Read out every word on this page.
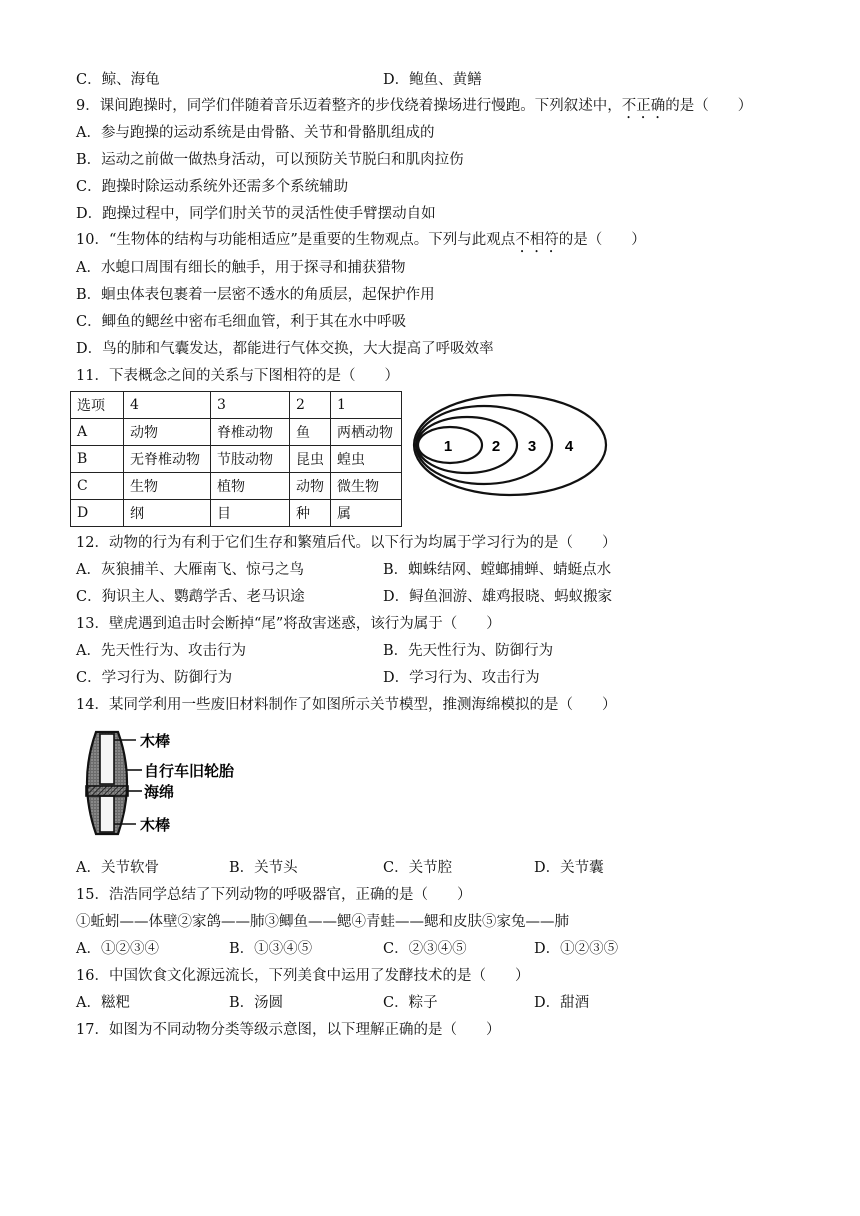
C．鲸、海龟	D．鲍鱼、黄鳝
9．课间跑操时，同学们伴随着音乐迈着整齐的步伐绕着操场进行慢跑。下列叙述中，不正确的是（　　）
A．参与跑操的运动系统是由骨骼、关节和骨骼肌组成的
B．运动之前做一做热身活动，可以预防关节脱臼和肌肉拉伤
C．跑操时除运动系统外还需多个系统辅助
D．跑操过程中，同学们肘关节的灵活性使手臂摆动自如
10．“生物体的结构与功能相适应”是重要的生物观点。下列与此观点不相符的是（　　）
A．水螅口周围有细长的触手，用于探寻和捕获猎物
B．蛔虫体表包裹着一层密不透水的角质层，起保护作用
C．鲫鱼的鳃丝中密布毛细血管，利于其在水中呼吸
D．鸟的肺和气囊发达，都能进行气体交换，大大提高了呼吸效率
11．下表概念之间的关系与下图相符的是（　　）
选项	4	3	2	1
A	动物	脊椎动物	鱼	两栖动物
B	无脊椎动物	节肢动物	昆虫	蝗虫
C	生物	植物	动物	微生物
D	纲	目	种	属
1	2 3 4
12．动物的行为有利于它们生存和繁殖后代。以下行为均属于学习行为的是（　　）
A．灰狼捕羊、大雁南飞、惊弓之鸟	B．蜘蛛结网、螳螂捕蝉、蜻蜓点水
C．狗识主人、鹦鹉学舌、老马识途	D．鲟鱼洄游、雄鸡报晓、蚂蚁搬家
13．壁虎遇到追击时会断掉“尾”将敌害迷惑，该行为属于（　　）
A．先天性行为、攻击行为	B．先天性行为、防御行为
C．学习行为、防御行为	D．学习行为、攻击行为
14．某同学利用一些废旧材料制作了如图所示关节模型，推测海绵模拟的是（　　）
木棒
自行车旧轮胎
海绵
木棒
A．关节软骨	B．关节头	C．关节腔	D．关节囊
15．浩浩同学总结了下列动物的呼吸器官，正确的是（　　）
①蚯蚓——体壁②家鸽——肺③鲫鱼——鳃④青蛙——鳃和皮肤⑤家兔——肺
A．①②③④	B．①③④⑤	C．②③④⑤	D．①②③⑤
16．中国饮食文化源远流长，下列美食中运用了发酵技术的是（　　）
A．糍粑	B．汤圆	C．粽子	D．甜酒
17．如图为不同动物分类等级示意图，以下理解正确的是（　　）
